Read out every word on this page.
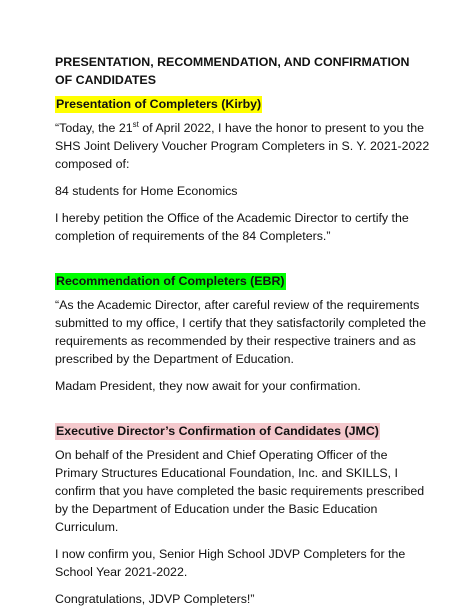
PRESENTATION, RECOMMENDATION, AND CONFIRMATION OF CANDIDATES
Presentation of Completers (Kirby)

“Today, the 21st of April 2022, I have the honor to present to you the SHS Joint Delivery Voucher Program Completers in S. Y. 2021-2022 composed of:

84 students for Home Economics

I hereby petition the Office of the Academic Director to certify the completion of requirements of the 84 Completers.”

Recommendation of Completers (EBR)

“As the Academic Director, after careful review of the requirements submitted to my office, I certify that they satisfactorily completed the requirements as recommended by their respective trainers and as prescribed by the Department of Education.

Madam President, they now await for your confirmation.

Executive Director’s Confirmation of Candidates (JMC)

On behalf of the President and Chief Operating Officer of the Primary Structures Educational Foundation, Inc. and SKILLS, I confirm that you have completed the basic requirements prescribed by the Department of Education under the Basic Education Curriculum.

I now confirm you, Senior High School JDVP Completers for the School Year 2021-2022.

Congratulations, JDVP Completers!”
